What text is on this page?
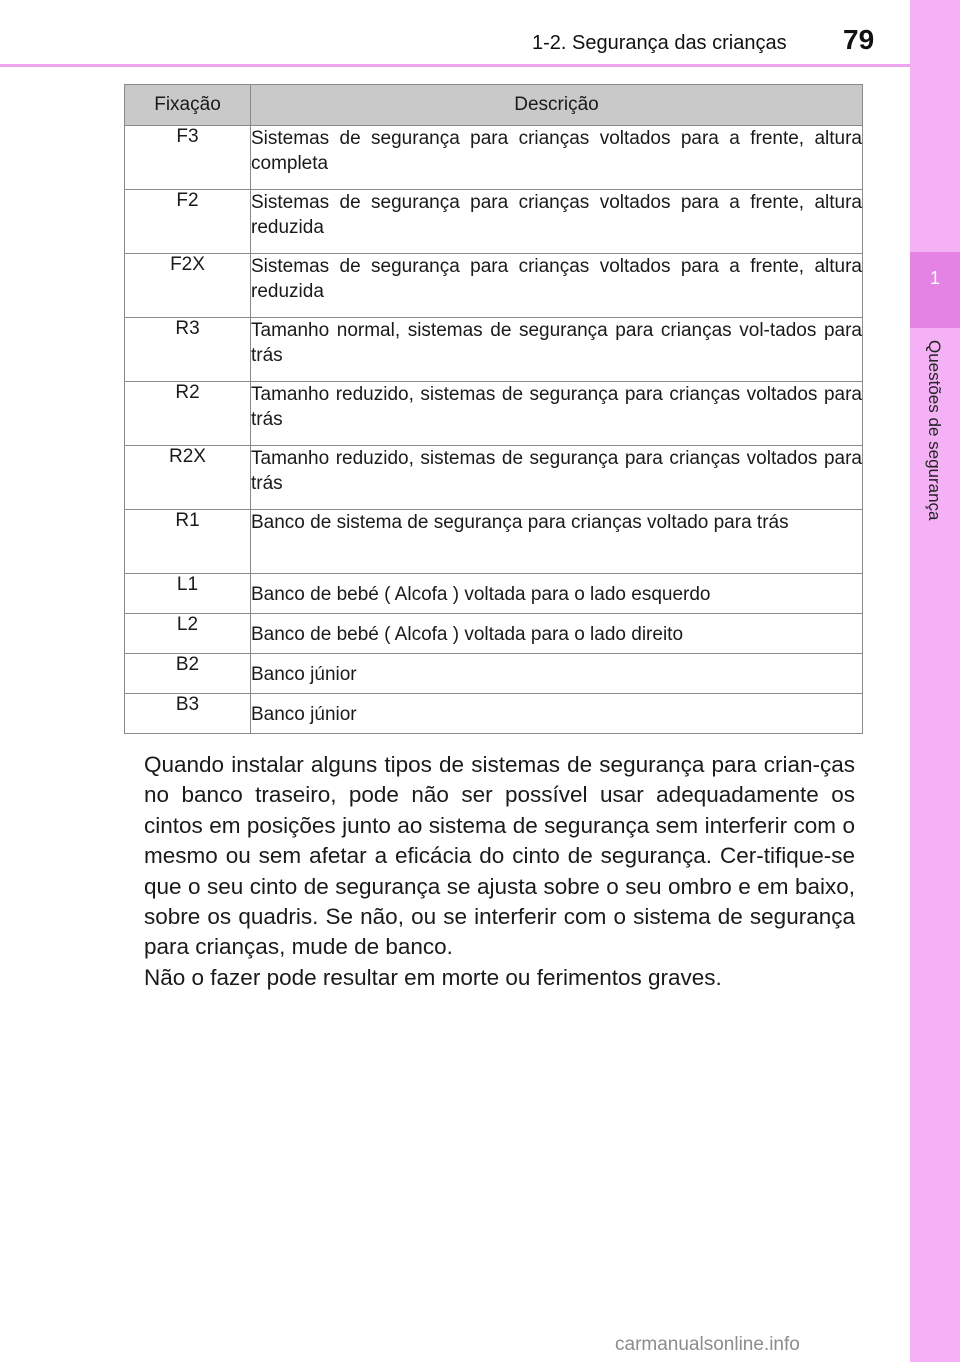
1-2. Segurança das crianças 79
1
Questões de segurança
Fixação	Descrição
F3	Sistemas de segurança para crianças voltados para a frente, altura completa
F2	Sistemas de segurança para crianças voltados para a frente, altura reduzida
F2X	Sistemas de segurança para crianças voltados para a frente, altura reduzida
R3	Tamanho normal, sistemas de segurança para crianças vol-tados para trás
R2	Tamanho reduzido, sistemas de segurança para crianças voltados para trás
R2X	Tamanho reduzido, sistemas de segurança para crianças voltados para trás
R1	Banco de sistema de segurança para crianças voltado para trás
L1	Banco de bebé ( Alcofa ) voltada para o lado esquerdo
L2	Banco de bebé ( Alcofa ) voltada para o lado direito
B2	Banco júnior
B3	Banco júnior

Quando instalar alguns tipos de sistemas de segurança para crian-ças no banco traseiro, pode não ser possível usar adequadamente os cintos em posições junto ao sistema de segurança sem interferir com o mesmo ou sem afetar a eficácia do cinto de segurança. Cer-tifique-se que o seu cinto de segurança se ajusta sobre o seu ombro e em baixo, sobre os quadris. Se não, ou se interferir com o sistema de segurança para crianças, mude de banco.

Não o fazer pode resultar em morte ou ferimentos graves.

carmanualsonline.info
